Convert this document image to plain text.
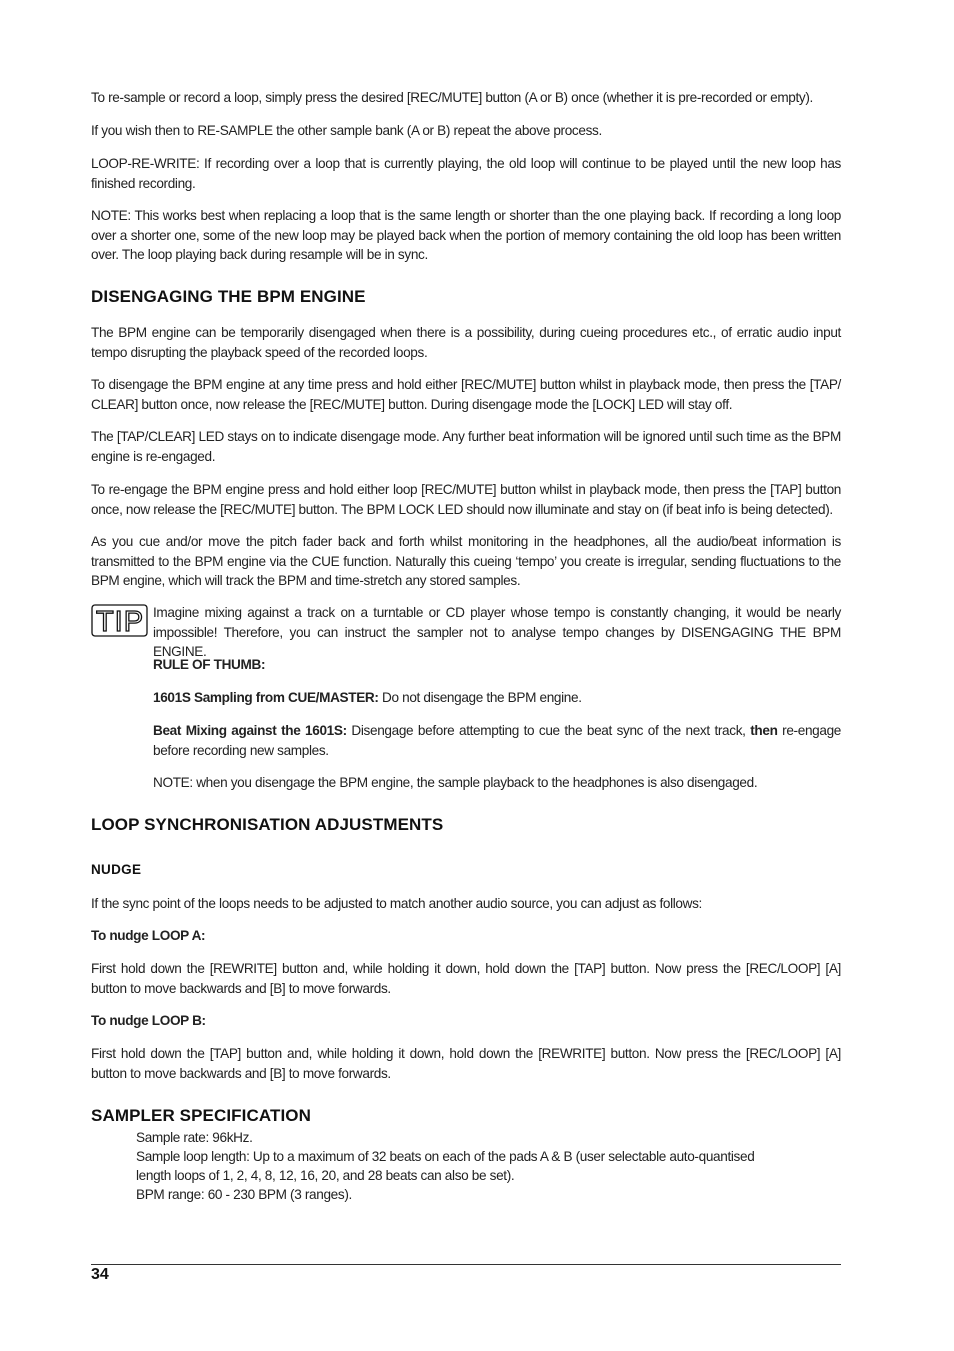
To re-sample or record a loop, simply press the desired [REC/MUTE] button (A or B) once (whether it is pre-recorded or empty).

If you wish then to RE-SAMPLE the other sample bank (A or B) repeat the above process.

LOOP-RE-WRITE: If recording over a loop that is currently playing, the old loop will continue to be played until the new loop has finished recording.

NOTE: This works best when replacing a loop that is the same length or shorter than the one playing back. If recording a long loop over a shorter one, some of the new loop may be played back when the portion of memory containing the old loop has been written over. The loop playing back during resample will be in sync.

DISENGAGING THE BPM ENGINE

The BPM engine can be temporarily disengaged when there is a possibility, during cueing procedures etc., of erratic audio input tempo disrupting the playback speed of the recorded loops.

To disengage the BPM engine at any time press and hold either [REC/MUTE] button whilst in playback mode, then press the [TAP/ CLEAR] button once, now release the [REC/MUTE] button. During disengage mode the [LOCK] LED will stay off.

The [TAP/CLEAR] LED stays on to indicate disengage mode. Any further beat information will be ignored until such time as the BPM engine is re-engaged.

To re-engage the BPM engine press and hold either loop [REC/MUTE] button whilst in playback mode, then press the [TAP] button once, now release the [REC/MUTE] button. The BPM LOCK LED should now illuminate and stay on (if beat info is being detected).

As you cue and/or move the pitch fader back and forth whilst monitoring in the headphones, all the audio/beat information is transmitted to the BPM engine via the CUE function. Naturally this cueing ‘tempo’ you create is irregular, sending fluctuations to the BPM engine, which will track the BPM and time-stretch any stored samples.

TIP Imagine mixing against a track on a turntable or CD player whose tempo is constantly changing, it would be nearly impossible! Therefore, you can instruct the sampler not to analyse tempo changes by DISENGAGING THE BPM ENGINE.

RULE OF THUMB:

1601S Sampling from CUE/MASTER: Do not disengage the BPM engine.

Beat Mixing against the 1601S: Disengage before attempting to cue the beat sync of the next track, then re-engage before recording new samples.

NOTE: when you disengage the BPM engine, the sample playback to the headphones is also disengaged.

LOOP SYNCHRONISATION ADJUSTMENTS
NUDGE

If the sync point of the loops needs to be adjusted to match another audio source, you can adjust as follows:

To nudge LOOP A:

First hold down the [REWRITE] button and, while holding it down, hold down the [TAP] button. Now press the [REC/LOOP] [A] button to move backwards and [B] to move forwards.

To nudge LOOP B:

First hold down the [TAP] button and, while holding it down, hold down the [REWRITE] button. Now press the [REC/LOOP] [A] button to move backwards and [B] to move forwards.

SAMPLER SPECIFICATION
Sample rate: 96kHz.
Sample loop length: Up to a maximum of 32 beats on each of the pads A & B (user selectable auto-quantised
length loops of 1, 2, 4, 8, 12, 16, 20, and 28 beats can also be set).
BPM range: 60 - 230 BPM (3 ranges).
34
